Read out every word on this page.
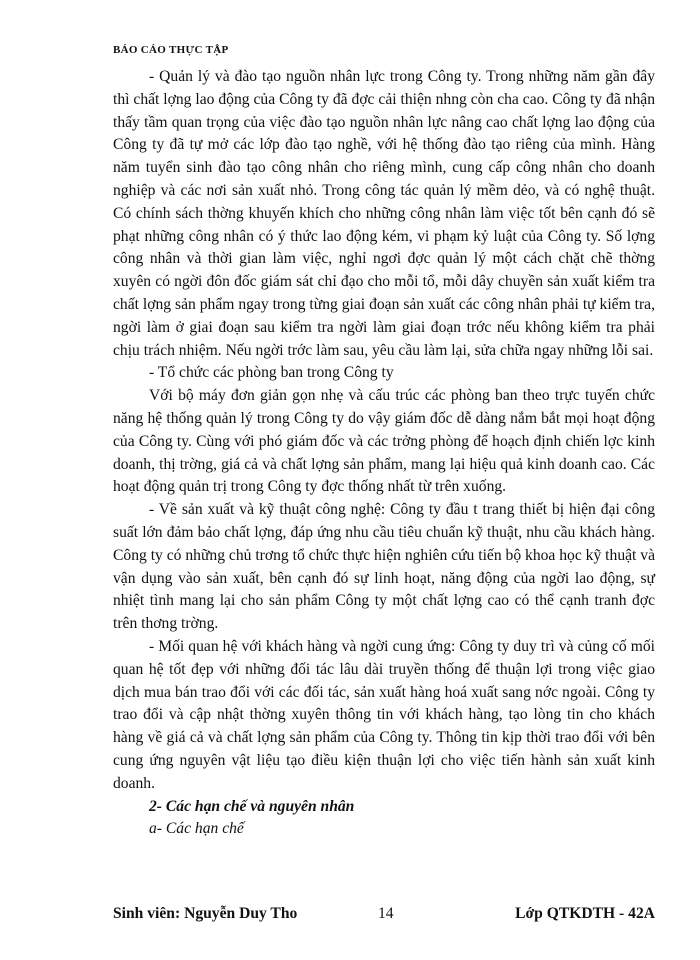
BÁO CÁO THỰC TẬP

- Quản lý và đào tạo nguồn nhân lực trong Công ty. Trong những năm gần đây thì chất lợng lao động của Công ty đã đợc cải thiện nhng còn cha cao. Công ty đã nhận thấy tầm quan trọng của việc đào tạo nguồn nhân lực nâng cao chất lợng lao động của Công ty đã tự mở các lớp đào tạo nghề, với hệ thống đào tạo riêng của mình. Hàng năm tuyển sinh đào tạo công nhân cho riêng mình, cung cấp công nhân cho doanh nghiệp và các nơi sản xuất nhỏ. Trong công tác quản lý mềm dẻo, và có nghệ thuật. Có chính sách thờng khuyến khích cho những công nhân làm việc tốt bên cạnh đó sẽ phạt những công nhân có ý thức lao động kém, vi phạm kỷ luật của Công ty. Số lợng công nhân và thời gian làm việc, nghỉ ngơi đợc quản lý một cách chặt chẽ thờng xuyên có ngời đôn đốc giám sát chỉ đạo cho mỗi tổ, mỗi dây chuyền sản xuất kiểm tra chất lợng sản phẩm ngay trong từng giai đoạn sản xuất các công nhân phải tự kiểm tra, ngời làm ở giai đoạn sau kiểm tra ngời làm giai đoạn trớc nếu không kiểm tra phải chịu trách nhiệm. Nếu ngời trớc làm sau, yêu cầu làm lại, sửa chữa ngay những lỗi sai.

- Tổ chức các phòng ban trong Công ty

Với bộ máy đơn giản gọn nhẹ và cấu trúc các phòng ban theo trực tuyến chức năng hệ thống quản lý trong Công ty do vậy giám đốc dễ dàng nắm bắt mọi hoạt động của Công ty. Cùng với phó giám đốc và các trởng phòng để hoạch định chiến lợc kinh doanh, thị trờng, giá cả và chất lợng sản phẩm, mang lại hiệu quả kinh doanh cao. Các hoạt động quản trị trong Công ty đợc thống nhất từ trên xuống.

- Về sản xuất và kỹ thuật công nghệ: Công ty đầu t trang thiết bị hiện đại công suất lớn đảm bảo chất lợng, đáp ứng nhu cầu tiêu chuẩn kỹ thuật, nhu cầu khách hàng. Công ty có những chủ trơng tổ chức thực hiện nghiên cứu tiến bộ khoa học kỹ thuật và vận dụng vào sản xuất, bên cạnh đó sự linh hoạt, năng động của ngời lao động, sự nhiệt tình mang lại cho sản phẩm Công ty một chất lợng cao có thể cạnh tranh đợc trên thơng trờng.

- Mối quan hệ với khách hàng và ngời cung ứng: Công ty duy trì và củng cố mối quan hệ tốt đẹp với những đối tác lâu dài truyền thống để thuận lợi trong việc giao dịch mua bán trao đổi với các đối tác, sản xuất hàng hoá xuất sang nớc ngoài. Công ty trao đổi và cập nhật thờng xuyên thông tin với khách hàng, tạo lòng tin cho khách hàng về giá cả và chất lợng sản phẩm của Công ty. Thông tin kịp thời trao đổi với bên cung ứng nguyên vật liệu tạo điều kiện thuận lợi cho việc tiến hành sản xuất kinh doanh.

2- Các hạn chế và nguyên nhân

a- Các hạn chế

Sinh viên: Nguyễn Duy Tho	14	Lớp QTKDTH - 42A
